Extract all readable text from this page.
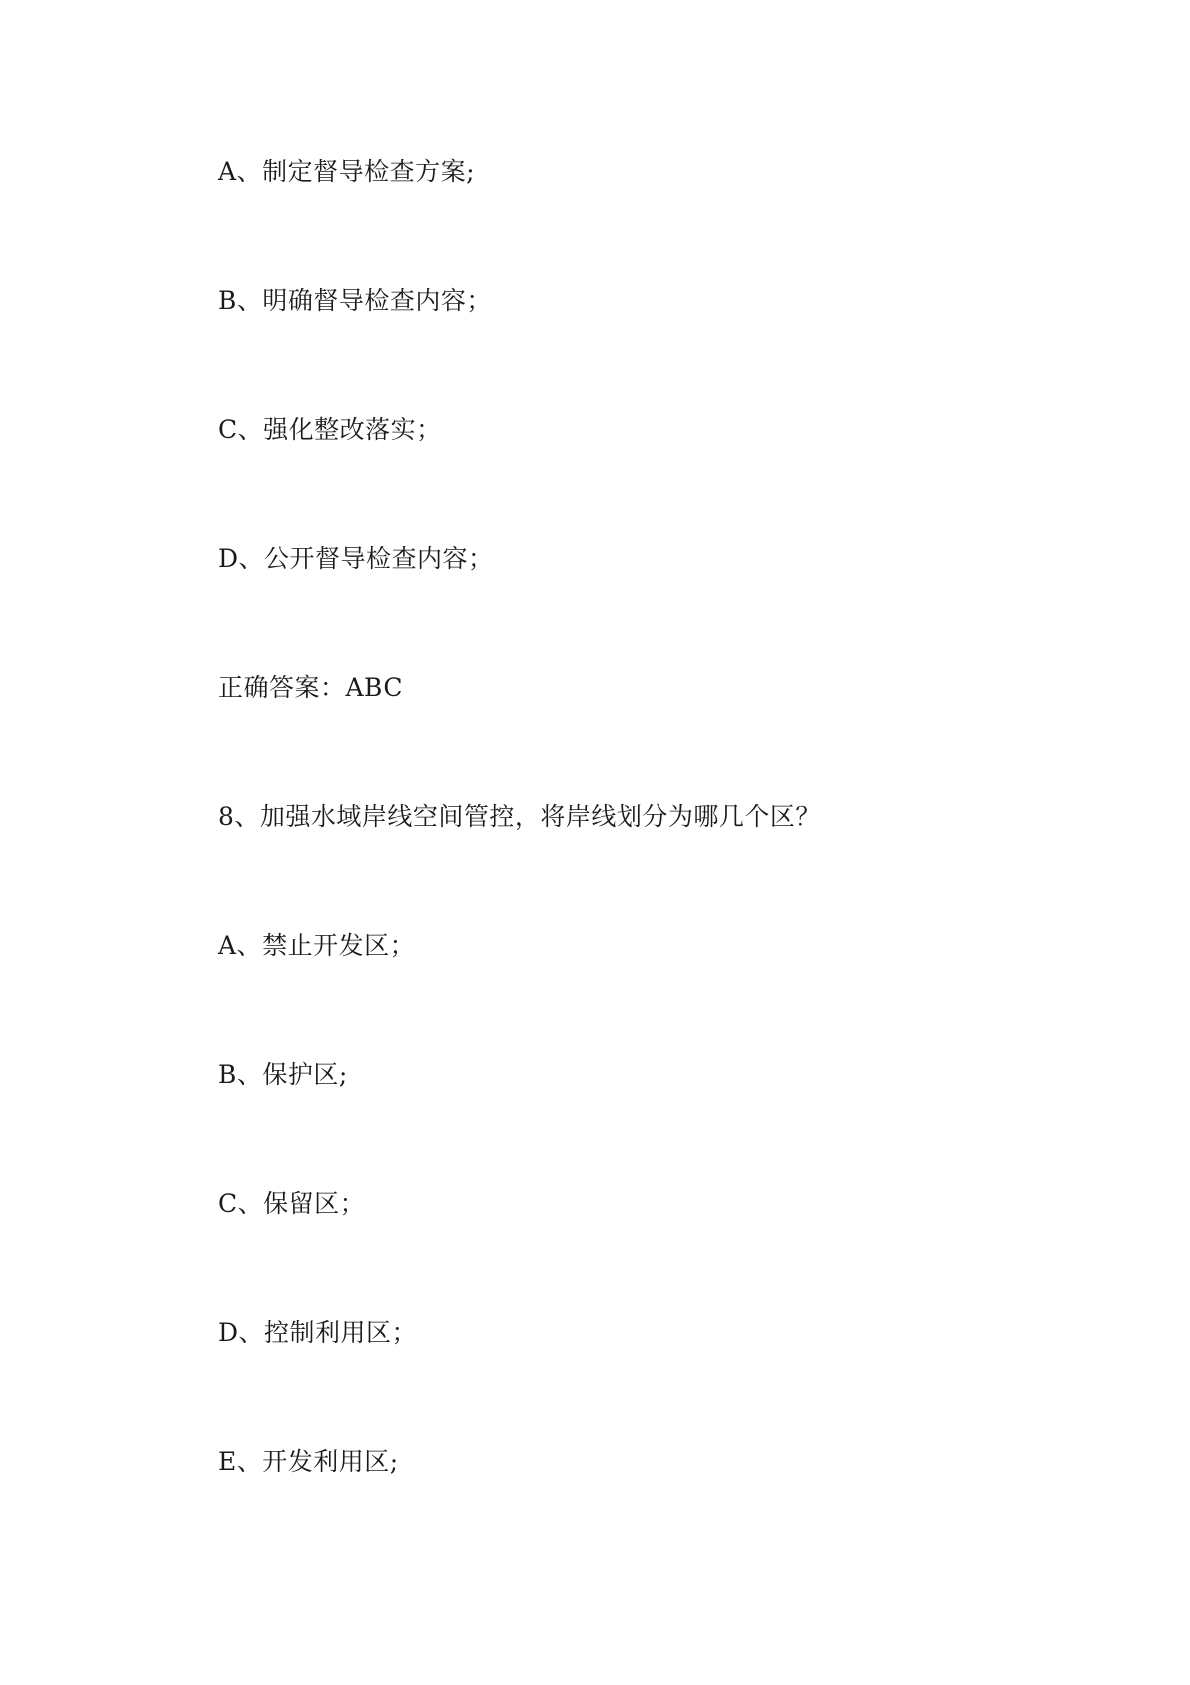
A、制定督导检查方案;
B、明确督导检查内容；
C、强化整改落实；
D、公开督导检查内容；
正确答案：ABC
8、加强水域岸线空间管控，将岸线划分为哪几个区？
A、禁止开发区；
B、保护区;
C、保留区；
D、控制利用区；
E、开发利用区;
